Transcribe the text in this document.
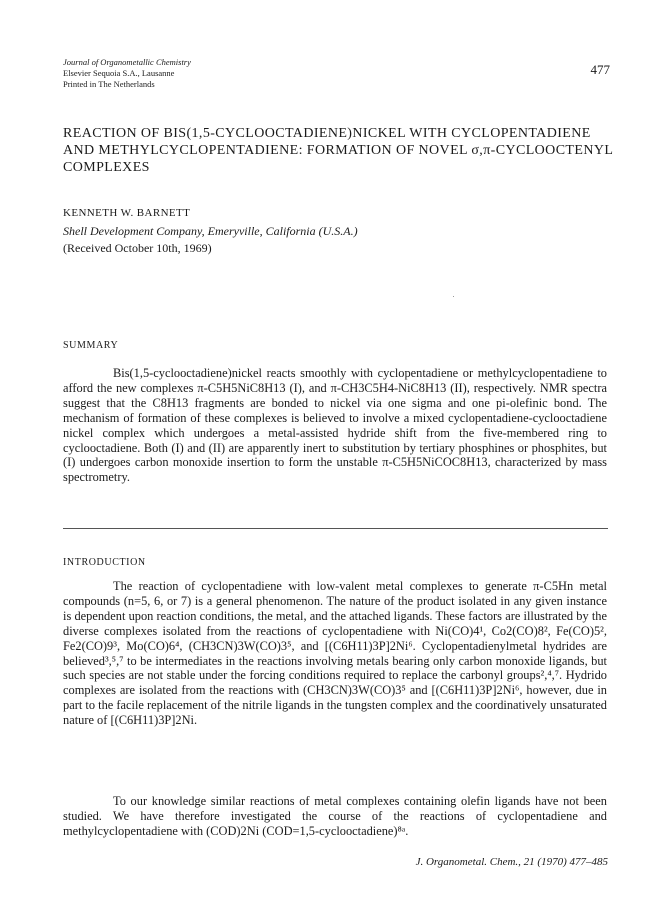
Journal of Organometallic Chemistry
Elsevier Sequoia S.A., Lausanne
Printed in The Netherlands
477
REACTION OF BIS(1,5-CYCLOOCTADIENE)NICKEL WITH CYCLOPENTADIENE AND METHYLCYCLOPENTADIENE: FORMATION OF NOVEL σ,π-CYCLOOCTENYL COMPLEXES
KENNETH W. BARNETT
Shell Development Company, Emeryville, California (U.S.A.)
(Received October 10th, 1969)
SUMMARY

Bis(1,5-cyclooctadiene)nickel reacts smoothly with cyclopentadiene or methylcyclopentadiene to afford the new complexes π-C5H5NiC8H13 (I), and π-CH3C5H4-NiC8H13 (II), respectively. NMR spectra suggest that the C8H13 fragments are bonded to nickel via one sigma and one pi-olefinic bond. The mechanism of formation of these complexes is believed to involve a mixed cyclopentadiene-cyclooctadiene nickel complex which undergoes a metal-assisted hydride shift from the five-membered ring to cyclooctadiene. Both (I) and (II) are apparently inert to substitution by tertiary phosphines or phosphites, but (I) undergoes carbon monoxide insertion to form the unstable π-C5H5NiCOC8H13, characterized by mass spectrometry.

INTRODUCTION

The reaction of cyclopentadiene with low-valent metal complexes to generate π-C5Hn metal compounds (n=5, 6, or 7) is a general phenomenon. The nature of the product isolated in any given instance is dependent upon reaction conditions, the metal, and the attached ligands. These factors are illustrated by the diverse complexes isolated from the reactions of cyclopentadiene with Ni(CO)4¹, Co2(CO)8², Fe(CO)5², Fe2(CO)9³, Mo(CO)6⁴, (CH3CN)3W(CO)3⁵, and [(C6H11)3P]2Ni⁶. Cyclopentadienylmetal hydrides are believed³,⁵,⁷ to be intermediates in the reactions involving metals bearing only carbon monoxide ligands, but such species are not stable under the forcing conditions required to replace the carbonyl groups²,⁴,⁷. Hydrido complexes are isolated from the reactions with (CH3CN)3W(CO)3⁵ and [(C6H11)3P]2Ni⁶, however, due in part to the facile replacement of the nitrile ligands in the tungsten complex and the coordinatively unsaturated nature of [(C6H11)3P]2Ni.

To our knowledge similar reactions of metal complexes containing olefin ligands have not been studied. We have therefore investigated the course of the reactions of cyclopentadiene and methylcyclopentadiene with (COD)2Ni (COD=1,5-cyclooctadiene)⁸ᵃ.

J. Organometal. Chem., 21 (1970) 477–485
